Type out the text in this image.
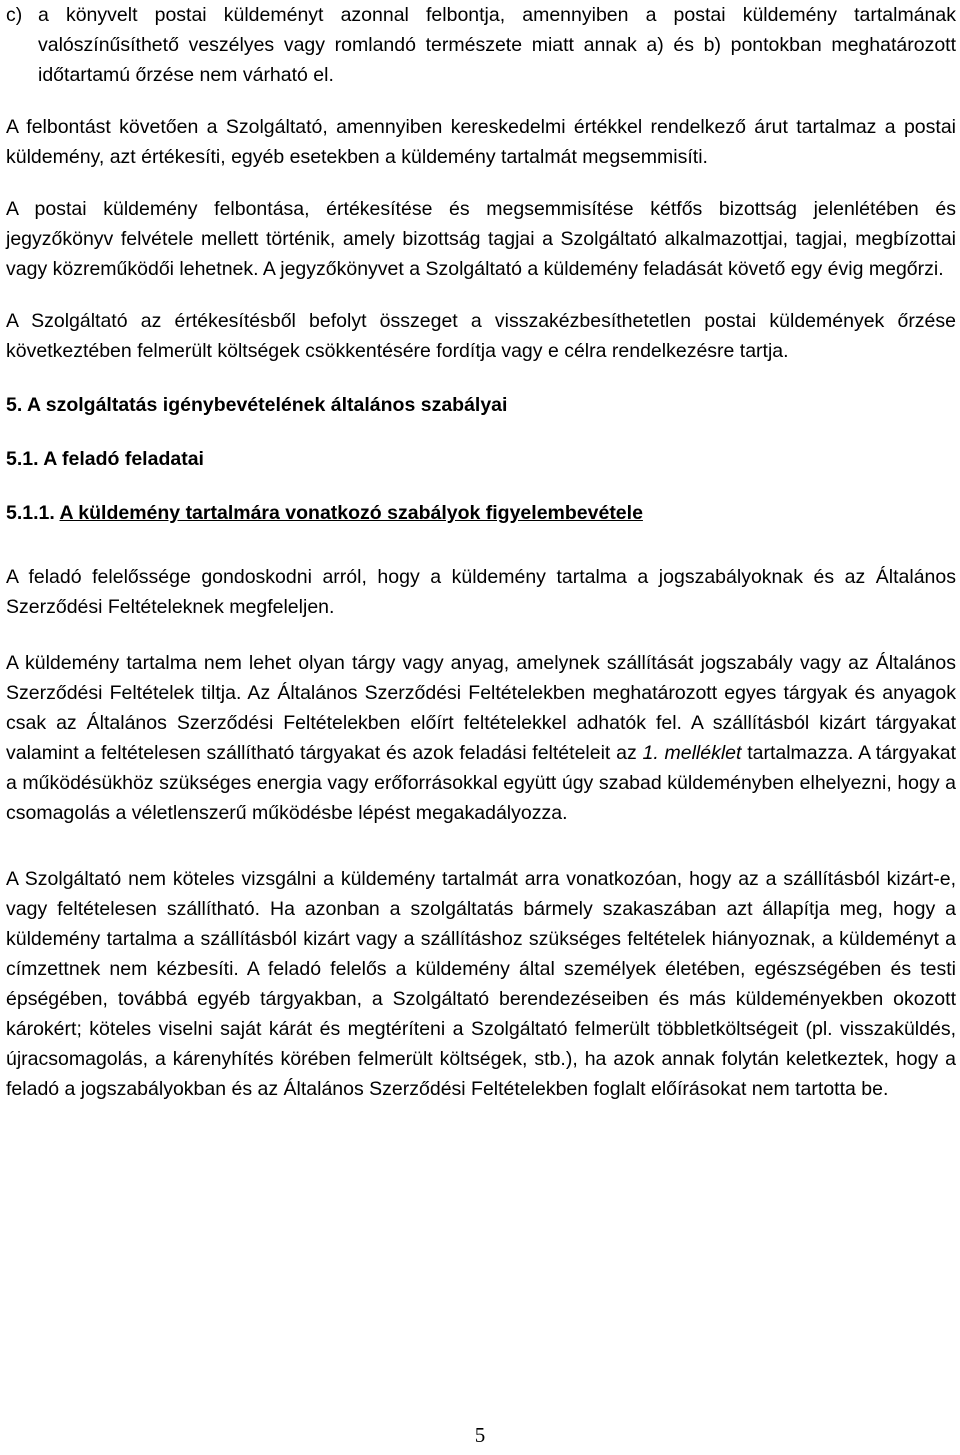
c) a könyvelt postai küldeményt azonnal felbontja, amennyiben a postai küldemény tartalmának valószínűsíthető veszélyes vagy romlandó természete miatt annak a) és b) pontokban meghatározott időtartamú őrzése nem várható el.

A felbontást követően a Szolgáltató, amennyiben kereskedelmi értékkel rendelkező árut tartalmaz a postai küldemény, azt értékesíti, egyéb esetekben a küldemény tartalmát megsemmisíti.

A postai küldemény felbontása, értékesítése és megsemmisítése kétfős bizottság jelenlétében és jegyzőkönyv felvétele mellett történik, amely bizottság tagjai a Szolgáltató alkalmazottjai, tagjai, megbízottai vagy közreműködői lehetnek. A jegyzőkönyvet a Szolgáltató a küldemény feladását követő egy évig megőrzi.

A Szolgáltató az értékesítésből befolyt összeget a visszakézbesíthetetlen postai küldemények őrzése következtében felmerült költségek csökkentésére fordítja vagy e célra rendelkezésre tartja.

5. A szolgáltatás igénybevételének általános szabályai
5.1. A feladó feladatai
5.1.1. A küldemény tartalmára vonatkozó szabályok figyelembevétele

A feladó felelőssége gondoskodni arról, hogy a küldemény tartalma a jogszabályoknak és az Általános Szerződési Feltételeknek megfeleljen.

A küldemény tartalma nem lehet olyan tárgy vagy anyag, amelynek szállítását jogszabály vagy az Általános Szerződési Feltételek tiltja. Az Általános Szerződési Feltételekben meghatározott egyes tárgyak és anyagok csak az Általános Szerződési Feltételekben előírt feltételekkel adhatók fel. A szállításból kizárt tárgyakat valamint a feltételesen szállítható tárgyakat és azok feladási feltételeit az 1. melléklet tartalmazza. A tárgyakat a működésükhöz szükséges energia vagy erőforrásokkal együtt úgy szabad küldeményben elhelyezni, hogy a csomagolás a véletlenszerű működésbe lépést megakadályozza.

A Szolgáltató nem köteles vizsgálni a küldemény tartalmát arra vonatkozóan, hogy az a szállításból kizárt-e, vagy feltételesen szállítható. Ha azonban a szolgáltatás bármely szakaszában azt állapítja meg, hogy a küldemény tartalma a szállításból kizárt vagy a szállításhoz szükséges feltételek hiányoznak, a küldeményt a címzettnek nem kézbesíti. A feladó felelős a küldemény által személyek életében, egészségében és testi épségében, továbbá egyéb tárgyakban, a Szolgáltató berendezéseiben és más küldeményekben okozott károkért; köteles viselni saját kárát és megtéríteni a Szolgáltató felmerült többletköltségeit (pl. visszaküldés, újracsomagolás, a kárenyhítés körében felmerült költségek, stb.), ha azok annak folytán keletkeztek, hogy a feladó a jogszabályokban és az Általános Szerződési Feltételekben foglalt előírásokat nem tartotta be.

5
